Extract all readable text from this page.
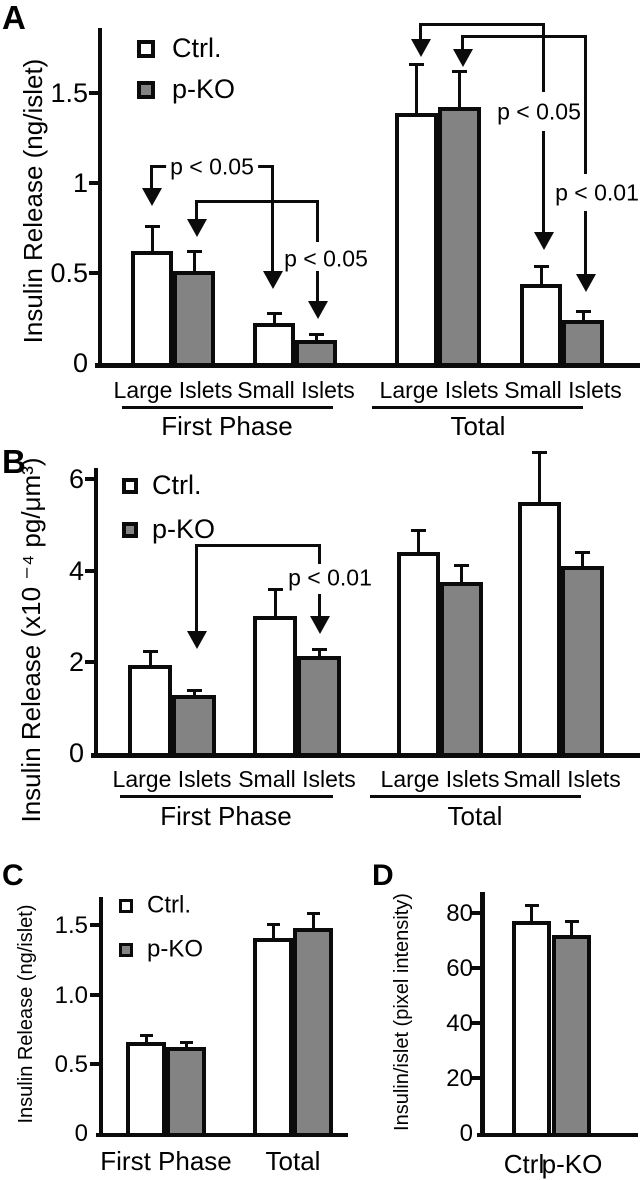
0
0.5
1
1.5
Ctrl.
p-KO
Large Islets Small Islets Large Islets Small Islets
First Phase	Total
p < 0.05
p < 0.05
p < 0.05
p < 0.01
A
Insulin Release (ng/islet)
0
2
4
6	Ctrl.
p-KO
Large Islets Small Islets Large Islets Small Islets
First Phase	Total
p < 0.01
B
Insulin Release (x10 ⁻⁴ pg/μm³)
0
0.5
1.0
1.5
Ctrl.
p-KO
First Phase Total
C
Insulin Release (ng/islet)
0
20
40
60
80
Ctrl
p-KO
D
Insulin/islet (pixel intensity)
